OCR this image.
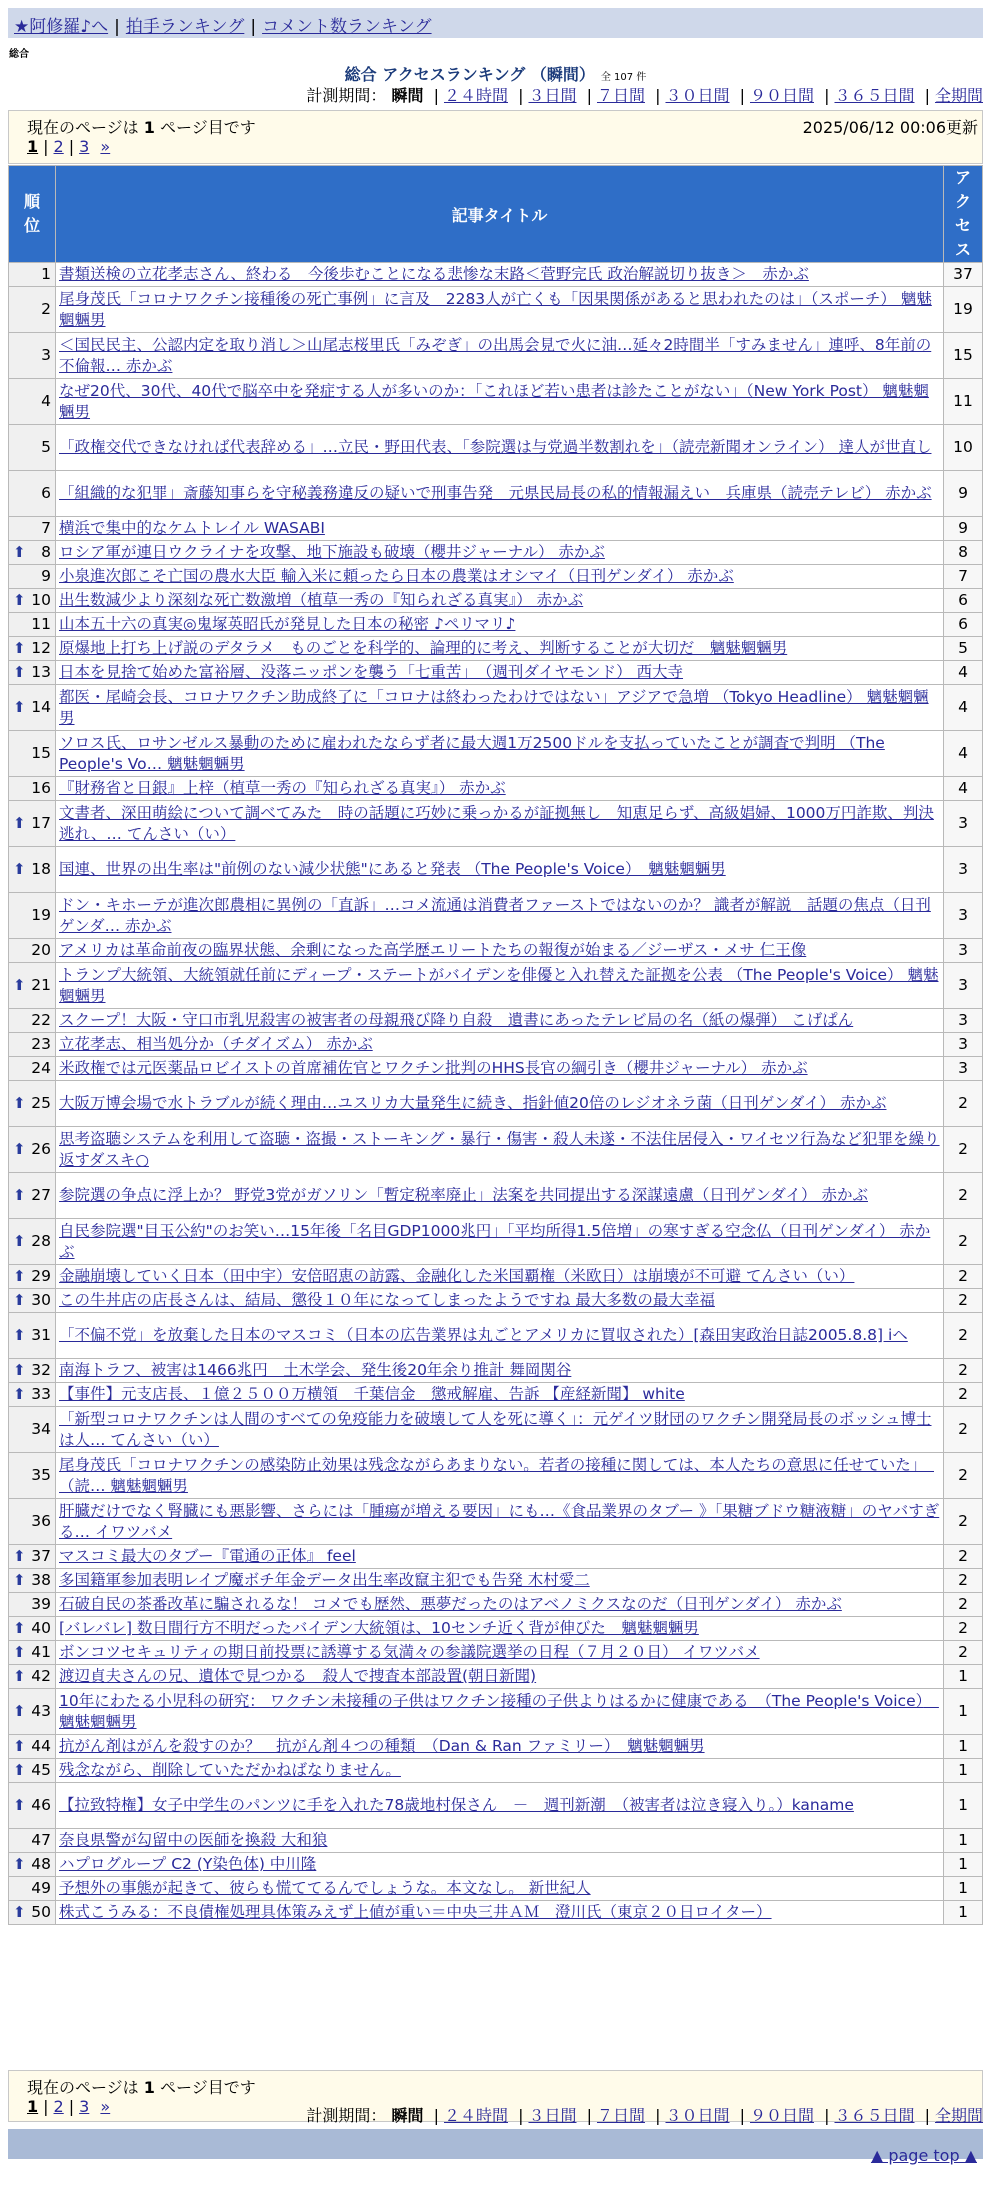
★阿修羅♪へ | 拍手ランキング | コメント数ランキング
総合
総合 アクセスランキング （瞬間） 全 107 件
計測期間： 瞬間 | ２４時間 | ３日間 | ７日間 | ３０日間 | ９０日間 | ３６５日間 | 全期間
現在のページは 1 ページ目です	2025/06/12 00:06更新
1 | 2 | 3 »
順位	記事タイトル	アクセス
1	書類送検の立花孝志さん、終わる　今後歩むことになる悲惨な末路＜菅野完氏 政治解説切り抜き＞　赤かぶ	37
2	尾身茂氏「コロナワクチン接種後の死亡事例」に言及　2283人が亡くも「因果関係があると思われたのは」（スポーチ） 魑魅魍魎男	19
3	＜国民民主、公認内定を取り消し＞山尾志桜里氏「みぞぎ」の出馬会見で火に油…延々2時間半「すみません」連呼、8年前の不倫報… 赤かぶ	15
4	なぜ20代、30代、40代で脳卒中を発症する人が多いのか：「これほど若い患者は診たことがない」（New York Post） 魑魅魍魎男	11
5	「政権交代できなければ代表辞める」…立民・野田代表、「参院選は与党過半数割れを」（読売新聞オンライン） 達人が世直し	10
6	「組織的な犯罪」斎藤知事らを守秘義務違反の疑いで刑事告発　元県民局長の私的情報漏えい　兵庫県（読売テレビ） 赤かぶ	9
7	横浜で集中的なケムトレイル WASABI	9

⬆ 8	ロシア軍が連日ウクライナを攻撃、地下施設も破壊（櫻井ジャーナル） 赤かぶ	8
9	小泉進次郎こそ亡国の農水大臣 輸入米に頼ったら日本の農業はオシマイ（日刊ゲンダイ） 赤かぶ	7

⬆ 10	出生数減少より深刻な死亡数激増（植草一秀の『知られざる真実』） 赤かぶ	6
11	山本五十六の真実◎鬼塚英昭氏が発見した日本の秘密 ♪ペリマリ♪	6

⬆ 12	原爆地上打ち上げ説のデタラメ　ものごとを科学的、論理的に考え、判断することが大切だ　魑魅魍魎男	5

⬆ 13	日本を見捨て始めた富裕層、没落ニッポンを襲う「七重苦」　（週刊ダイヤモンド） 西大寺	4

⬆ 14	都医・尾崎会長、コロナワクチン助成終了に「コロナは終わったわけではない」アジアで急増 （Tokyo Headline） 魑魅魍魎男	4
15	ソロス氏、ロサンゼルス暴動のために雇われたならず者に最大週1万2500ドルを支払っていたことが調査で判明 （The People's Vo… 魑魅魍魎男	4
16	『財務省と日銀』上梓（植草一秀の『知られざる真実』） 赤かぶ	4

⬆ 17	文書者、深田萌絵について調べてみた　時の話題に巧妙に乗っかるが証拠無し　知恵足らず、高級娼婦、1000万円詐欺、判決逃れ、… てんさい（い）	3

⬆ 18	国連、世界の出生率は"前例のない減少状態"にあると発表 （The People's Voice）　魑魅魍魎男	3
19	ドン・キホーテが進次郎農相に異例の「直訴」…コメ流通は消費者ファーストではないのか？ 識者が解説　話題の焦点（日刊ゲンダ… 赤かぶ	3
20	アメリカは革命前夜の臨界状態、余剰になった高学歴エリートたちの報復が始まる／ジーザス・メサ 仁王像	3

⬆ 21	トランプ大統領、大統領就任前にディープ・ステートがバイデンを俳優と入れ替えた証拠を公表 （The People's Voice） 魑魅魍魎男	3
22	スクープ！大阪・守口市乳児殺害の被害者の母親飛び降り自殺　遺書にあったテレビ局の名（紙の爆弾） こげぱん	3
23	立花孝志、相当処分か（チダイズム） 赤かぶ	3
24	米政権では元医薬品ロビイストの首席補佐官とワクチン批判のHHS長官の綱引き（櫻井ジャーナル） 赤かぶ	3

⬆ 25	大阪万博会場で水トラブルが続く理由…ユスリカ大量発生に続き、指針値20倍のレジオネラ菌（日刊ゲンダイ） 赤かぶ	2

⬆ 26	思考盗聴システムを利用して盗聴・盗撮・ストーキング・暴行・傷害・殺人未遂・不法住居侵入・ワイセツ行為など犯罪を繰り返すダスキ○	2

⬆ 27	参院選の争点に浮上か？ 野党3党がガソリン「暫定税率廃止」法案を共同提出する深謀遠慮（日刊ゲンダイ） 赤かぶ	2

⬆ 28	自民参院選"目玉公約"のお笑い…15年後「名目GDP1000兆円」「平均所得1.5倍増」の寒すぎる空念仏（日刊ゲンダイ） 赤かぶ	2

⬆ 29	金融崩壊していく日本（田中宇）安倍昭恵の訪露、金融化した米国覇権（米欧日）は崩壊が不可避 てんさい（い）	2

⬆ 30	この牛丼店の店長さんは、結局、懲役１０年になってしまったようですね 最大多数の最大幸福	2

⬆ 31	「不偏不党」を放棄した日本のマスコミ（日本の広告業界は丸ごとアメリカに買収された）[森田実政治日誌2005.8.8] iヘ	2

⬆ 32	南海トラフ、被害は1466兆円　土木学会、発生後20年余り推計 舞岡関谷	2

⬆ 33	【事件】元支店長、１億２５００万横領　千葉信金　懲戒解雇、告訴 【産経新聞】 white	2
34	「新型コロナワクチンは人間のすべての免疫能力を破壊して人を死に導く」：元ゲイツ財団のワクチン開発局長のボッシュ博士は人… てんさい（い）	2
35	尾身茂氏「コロナワクチンの感染防止効果は残念ながらあまりない。若者の接種に関しては、本人たちの意思に任せていた」　（読… 魑魅魍魎男	2
36	肝臓だけでなく腎臓にも悪影響、さらには「腫瘍が増える要因」にも…《食品業界のタブー 》「果糖ブドウ糖液糖」のヤバすぎる… イワツバメ	2

⬆ 37	マスコミ最大のタブー『電通の正体』 feel	2

⬆ 38	多国籍軍参加表明レイプ魔ボチ年金データ出生率改竄主犯でも告発 木村愛二	2
39	石破自民の茶番改革に騙されるな！ コメでも歴然、悪夢だったのはアベノミクスなのだ（日刊ゲンダイ） 赤かぶ	2

⬆ 40	[バレバレ] 数日間行方不明だったバイデン大統領は、10センチ近く背が伸びた　魑魅魍魎男	2

⬆ 41	ボンコツセキュリティの期日前投票に誘導する気満々の参議院選挙の日程（７月２０日） イワツバメ	2

⬆ 42	渡辺貞夫さんの兄、遺体で見つかる　殺人で捜査本部設置(朝日新聞)	1

⬆ 43	10年にわたる小児科の研究： ワクチン未接種の子供はワクチン接種の子供よりはるかに健康である　（The People's Voice）　魑魅魍魎男	1

⬆ 44	抗がん剤はがんを殺すのか？　抗がん剤４つの種類　（Dan & Ran ファミリー）　魑魅魍魎男	1

⬆ 45	残念ながら、削除していただかねばなりません。	1

⬆ 46	【拉致特権】女子中学生のパンツに手を入れた78歳地村保さん　－　週刊新潮　（被害者は泣き寝入り。）kaname	1
47	奈良県警が勾留中の医師を換殺 大和狼	1

⬆ 48	ハプログループ C2 (Y染色体) 中川隆	1
49	予想外の事態が起きて、彼らも慌ててるんでしょうな。本文なし。 新世紀人	1

⬆ 50	株式こうみる：不良債権処理具体策みえず上値が重い＝中央三井ＡＭ　澄川氏（東京２０日ロイター）	1
現在のページは 1 ページ目です
1 | 2 | 3 »	計測期間： 瞬間 | ２４時間 | ３日間 | ７日間 | ３０日間 | ９０日間 | ３６５日間 | 全期間
▲ page top ▲
